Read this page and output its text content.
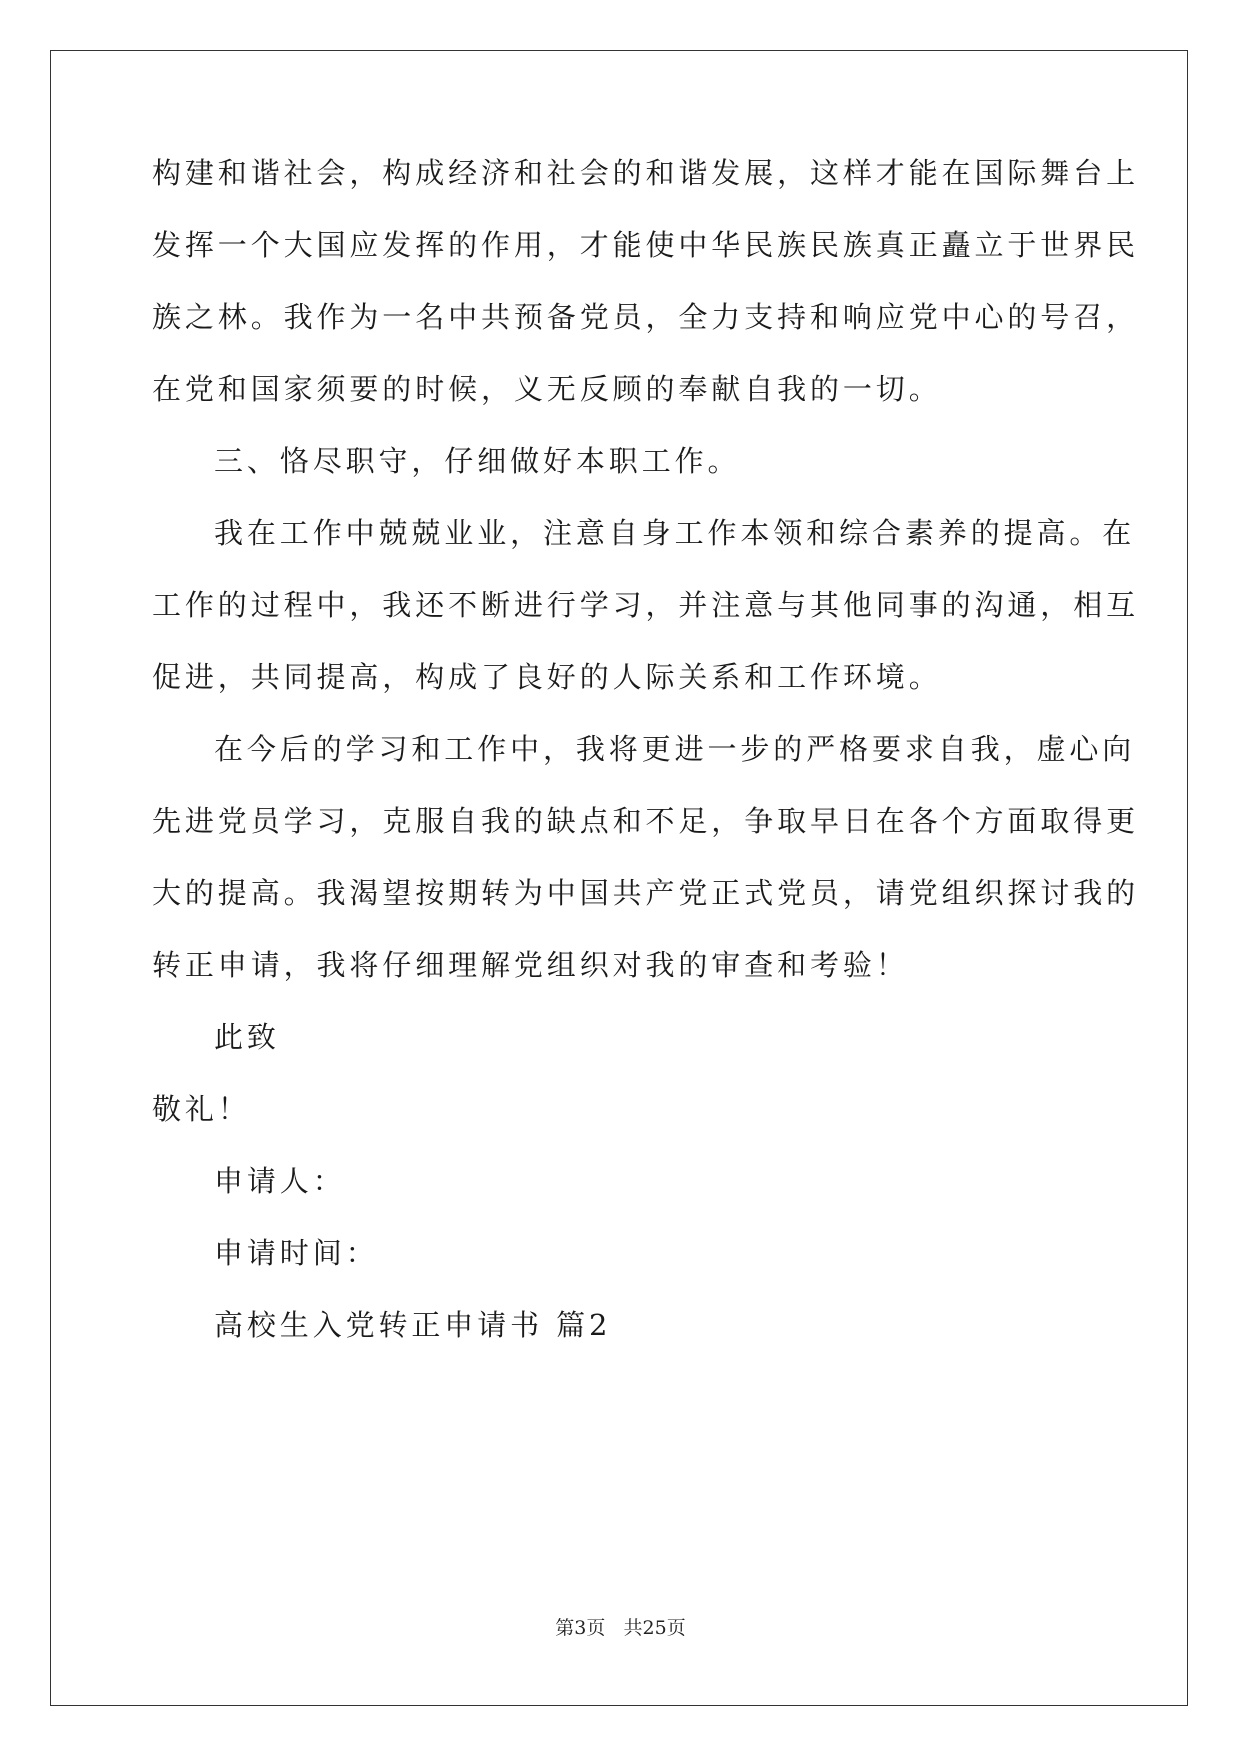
构建和谐社会，构成经济和社会的和谐发展，这样才能在国际舞台上
发挥一个大国应发挥的作用，才能使中华民族民族真正矗立于世界民
族之林。我作为一名中共预备党员，全力支持和响应党中心的号召，
在党和国家须要的时候，义无反顾的奉献自我的一切。
三、恪尽职守，仔细做好本职工作。
我在工作中兢兢业业，注意自身工作本领和综合素养的提高。在
工作的过程中，我还不断进行学习，并注意与其他同事的沟通，相互
促进，共同提高，构成了良好的人际关系和工作环境。
在今后的学习和工作中，我将更进一步的严格要求自我，虚心向
先进党员学习，克服自我的缺点和不足，争取早日在各个方面取得更
大的提高。我渴望按期转为中国共产党正式党员，请党组织探讨我的
转正申请，我将仔细理解党组织对我的审查和考验！
此致
敬礼！
申请人：
申请时间：
高校生入党转正申请书 篇2
第3页 共25页
